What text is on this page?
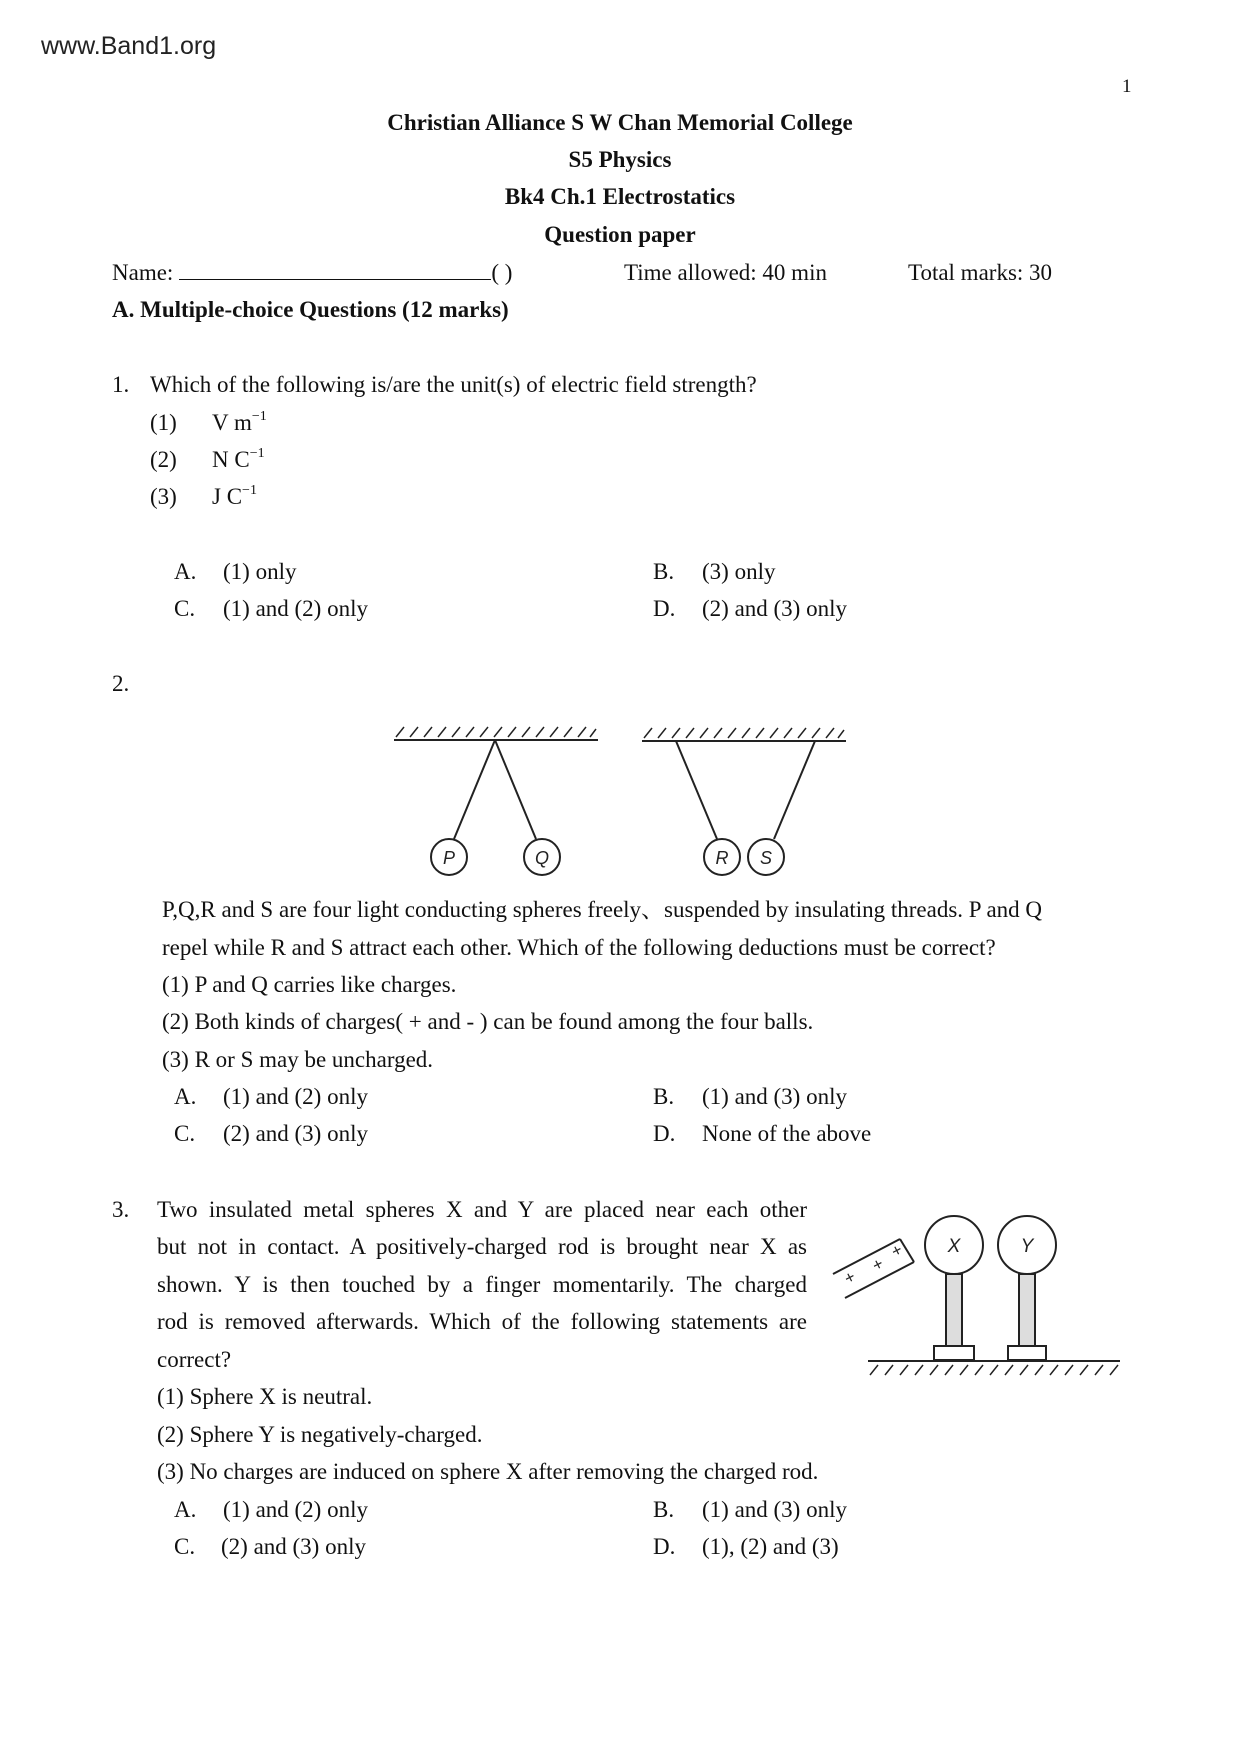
www.Band1.org
1
Christian Alliance S W Chan Memorial College
S5 Physics
Bk4 Ch.1 Electrostatics
Question paper
Name:	( )	Time allowed: 40 min	Total marks: 30
A. Multiple-choice Questions (12 marks)
1. Which of the following is/are the unit(s) of electric field strength?
(1) V $m^{-1}$
(2) N $C^{-1}$
(3) J $C^{-1}$
A. (1) only	B. (3) only
C. (1) and (2) only	D. (2) and (3) only
2.
P	Q	R S
P,Q,R and S are four light conducting spheres freely、suspended by insulating threads. P and Q
repel while R and S attract each other. Which of the following deductions must be correct?
(1) P and Q carries like charges.
(2) Both kinds of charges( + and - ) can be found among the four balls.
(3) R or S may be uncharged.
A. (1) and (2) only	B. (1) and (3) only
C. (2) and (3) only	D. None of the above
3. Two insulated metal spheres X and Y are placed near each other
but not in contact. A positively-charged rod is brought near X as
shown. Y is then touched by a finger momentarily. The charged
rod is removed afterwards. Which of the following statements are
correct?
+
+
+ X	Y
(1) Sphere X is neutral.
(2) Sphere Y is negatively-charged.
(3) No charges are induced on sphere X after removing the charged rod.
A. (1) and (2) only	B. (1) and (3) only
C. (2) and (3) only	D. (1), (2) and (3)
